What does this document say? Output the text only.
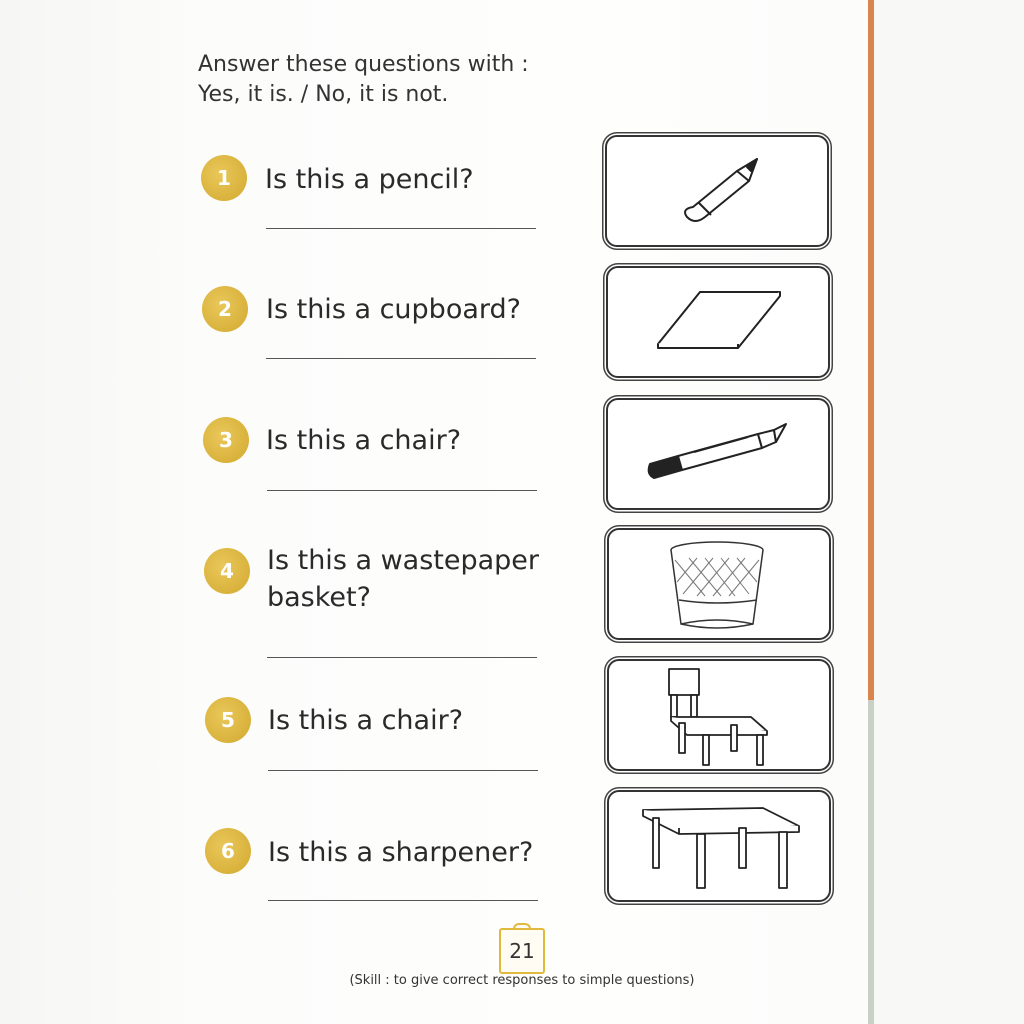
Answer these questions with :
Yes, it is. / No, it is not.
1	Is this a pencil?
2	Is this a cupboard?
3	Is this a chair?
4	Is this a wastepaper
basket?
5	Is this a chair?
6	Is this a sharpener?
21
(Skill : to give correct responses to simple questions)
